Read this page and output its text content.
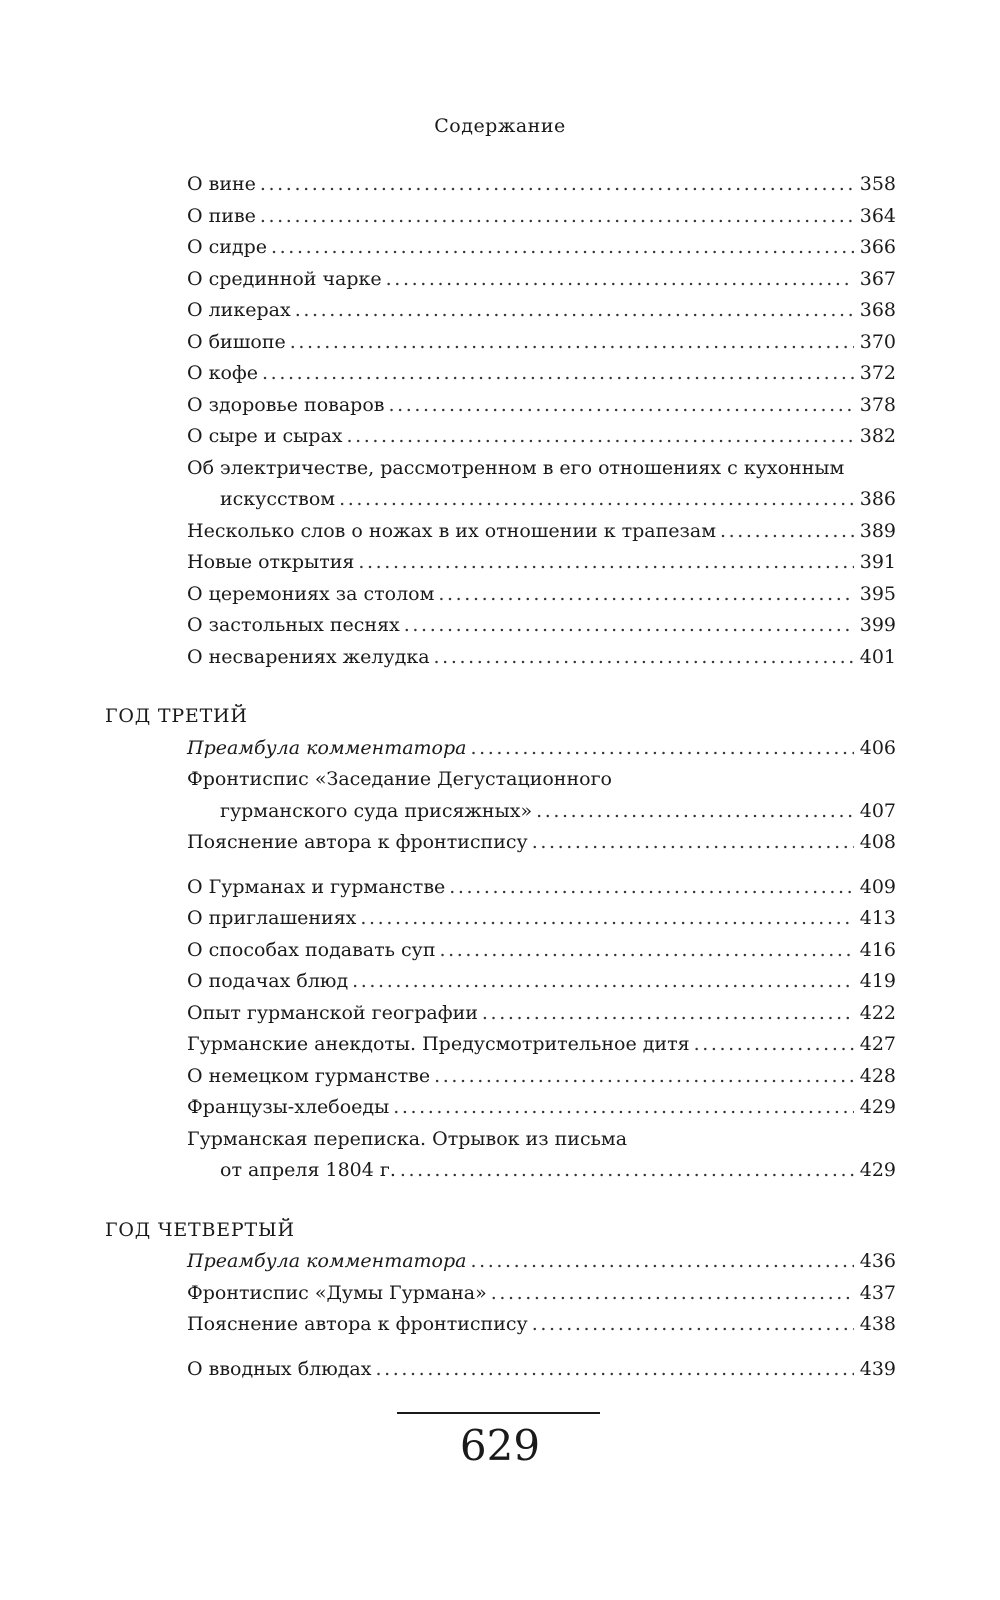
Содержание
О вине .....	358
О пиве .....	364
О сидре .....	366
О срединной чарке .....	367
О ликерах .....	368
О бишопе .....	370
О кофе .....	372
О здоровье поваров .....	378
О сыре и сырах .....	382
Об электричестве, рассмотренном в его отношениях с кухонным
искусством .....	386
Несколько слов о ножах в их отношении к трапезам .....	389
Новые открытия .....	391
О церемониях за столом .....	395
О застольных песнях .....	399
О несварениях желудка .....	401
ГОД ТРЕТИЙ
Преамбула комментатора .....	406
Фронтиспис «Заседание Дегустационного
гурманского суда присяжных» .....	407
Пояснение автора к фронтиспису .....	408
О Гурманах и гурманстве .....	409
О приглашениях .....	413
О способах подавать суп .....	416
О подачах блюд .....	419
Опыт гурманской географии .....	422
Гурманские анекдоты. Предусмотрительное дитя .....	427
О немецком гурманстве .....	428
Французы-хлебоеды .....	429
Гурманская переписка. Отрывок из письма
от апреля 1804 г. .....	429
ГОД ЧЕТВЕРТЫЙ
Преамбула комментатора .....	436
Фронтиспис «Думы Гурмана» .....	437
Пояснение автора к фронтиспису .....	438
О вводных блюдах .....	439
629
